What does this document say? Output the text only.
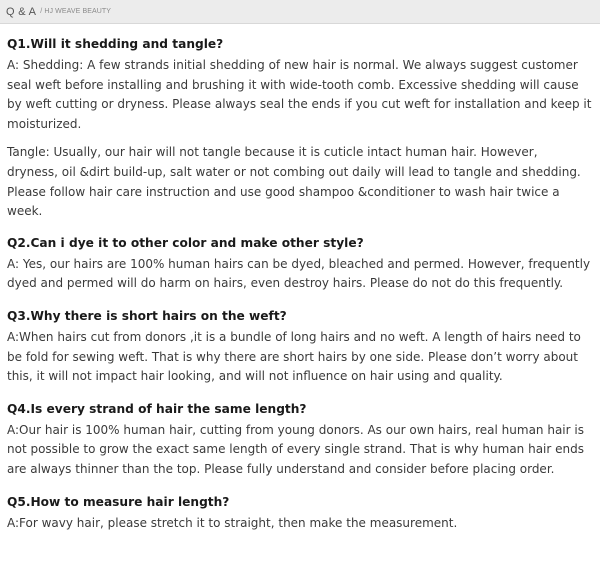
Q & A / HJ WEAVE BEAUTY

Q1.Will it shedding and tangle?

A: Shedding: A few strands initial shedding of new hair is normal. We always suggest customer seal weft before installing and brushing it with wide-tooth comb. Excessive shedding will cause by weft cutting or dryness. Please always seal the ends if you cut weft for installation and keep it moisturized.

Tangle: Usually, our hair will not tangle because it is cuticle intact human hair. However, dryness, oil &dirt build-up, salt water or not combing out daily will lead to tangle and shedding. Please follow hair care instruction and use good shampoo &conditioner to wash hair twice a week.

Q2.Can i dye it to other color and make other style?

A: Yes, our hairs are 100% human hairs can be dyed, bleached and permed. However, frequently dyed and permed will do harm on hairs, even destroy hairs. Please do not do this frequently.

Q3.Why there is short hairs on the weft?

A:When hairs cut from donors ,it is a bundle of long hairs and no weft. A length of hairs need to be fold for sewing weft. That is why there are short hairs by one side. Please don’t worry about this, it will not impact hair looking, and will not influence on hair using and quality.

Q4.Is every strand of hair the same length?

A:Our hair is 100% human hair, cutting from young donors. As our own hairs, real human hair is not possible to grow the exact same length of every single strand. That is why human hair ends are always thinner than the top. Please fully understand and consider before placing order.

Q5.How to measure hair length?

A:For wavy hair, please stretch it to straight, then make the measurement.
